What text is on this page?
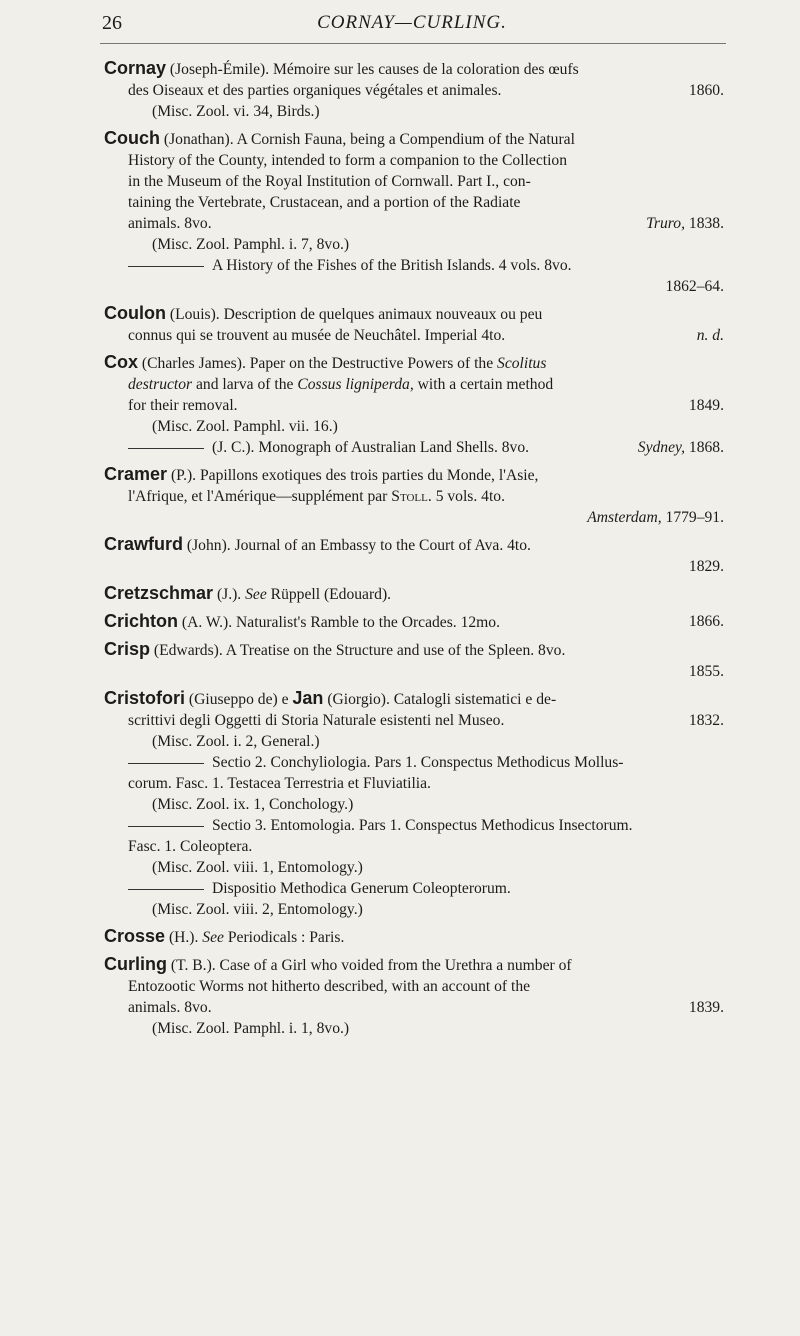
26	CORNAY—CURLING.
Cornay (Joseph-Émile). Mémoire sur les causes de la coloration des œufs
des Oiseaux et des parties organiques végétales et animales.	1860.
(Misc. Zool. vi. 34, Birds.)
Couch (Jonathan). A Cornish Fauna, being a Compendium of the Natural
History of the County, intended to form a companion to the Collection
in the Museum of the Royal Institution of Cornwall. Part I., con-
taining the Vertebrate, Crustacean, and a portion of the Radiate
animals. 8vo.	Truro, 1838.
(Misc. Zool. Pamphl. i. 7, 8vo.)
A History of the Fishes of the British Islands. 4 vols. 8vo.
1862–64.
Coulon (Louis). Description de quelques animaux nouveaux ou peu
connus qui se trouvent au musée de Neuchâtel. Imperial 4to.	n. d.
Cox (Charles James). Paper on the Destructive Powers of the Scolitus
destructor and larva of the Cossus ligniperda, with a certain method
for their removal.	1849.
(Misc. Zool. Pamphl. vii. 16.)
(J. C.). Monograph of Australian Land Shells. 8vo.	Sydney, 1868.
Cramer (P.). Papillons exotiques des trois parties du Monde, l'Asie,
l'Afrique, et l'Amérique—supplément par Stoll. 5 vols. 4to.
Amsterdam, 1779–91.
Crawfurd (John). Journal of an Embassy to the Court of Ava. 4to.
1829.
Cretzschmar (J.). See Rüppell (Edouard).
Crichton (A. W.). Naturalist's Ramble to the Orcades. 12mo.	1866.
Crisp (Edwards). A Treatise on the Structure and use of the Spleen. 8vo.
1855.
Cristofori (Giuseppo de) e Jan (Giorgio). Catalogli sistematici e de-
scrittivi degli Oggetti di Storia Naturale esistenti nel Museo.	1832.
(Misc. Zool. i. 2, General.)
Sectio 2. Conchyliologia. Pars 1. Conspectus Methodicus Mollus-
corum. Fasc. 1. Testacea Terrestria et Fluviatilia.
(Misc. Zool. ix. 1, Conchology.)
Sectio 3. Entomologia. Pars 1. Conspectus Methodicus Insectorum.
Fasc. 1. Coleoptera.
(Misc. Zool. viii. 1, Entomology.)
Dispositio Methodica Generum Coleopterorum.
(Misc. Zool. viii. 2, Entomology.)
Crosse (H.). See Periodicals : Paris.
Curling (T. B.). Case of a Girl who voided from the Urethra a number of
Entozootic Worms not hitherto described, with an account of the
animals. 8vo.	1839.
(Misc. Zool. Pamphl. i. 1, 8vo.)
